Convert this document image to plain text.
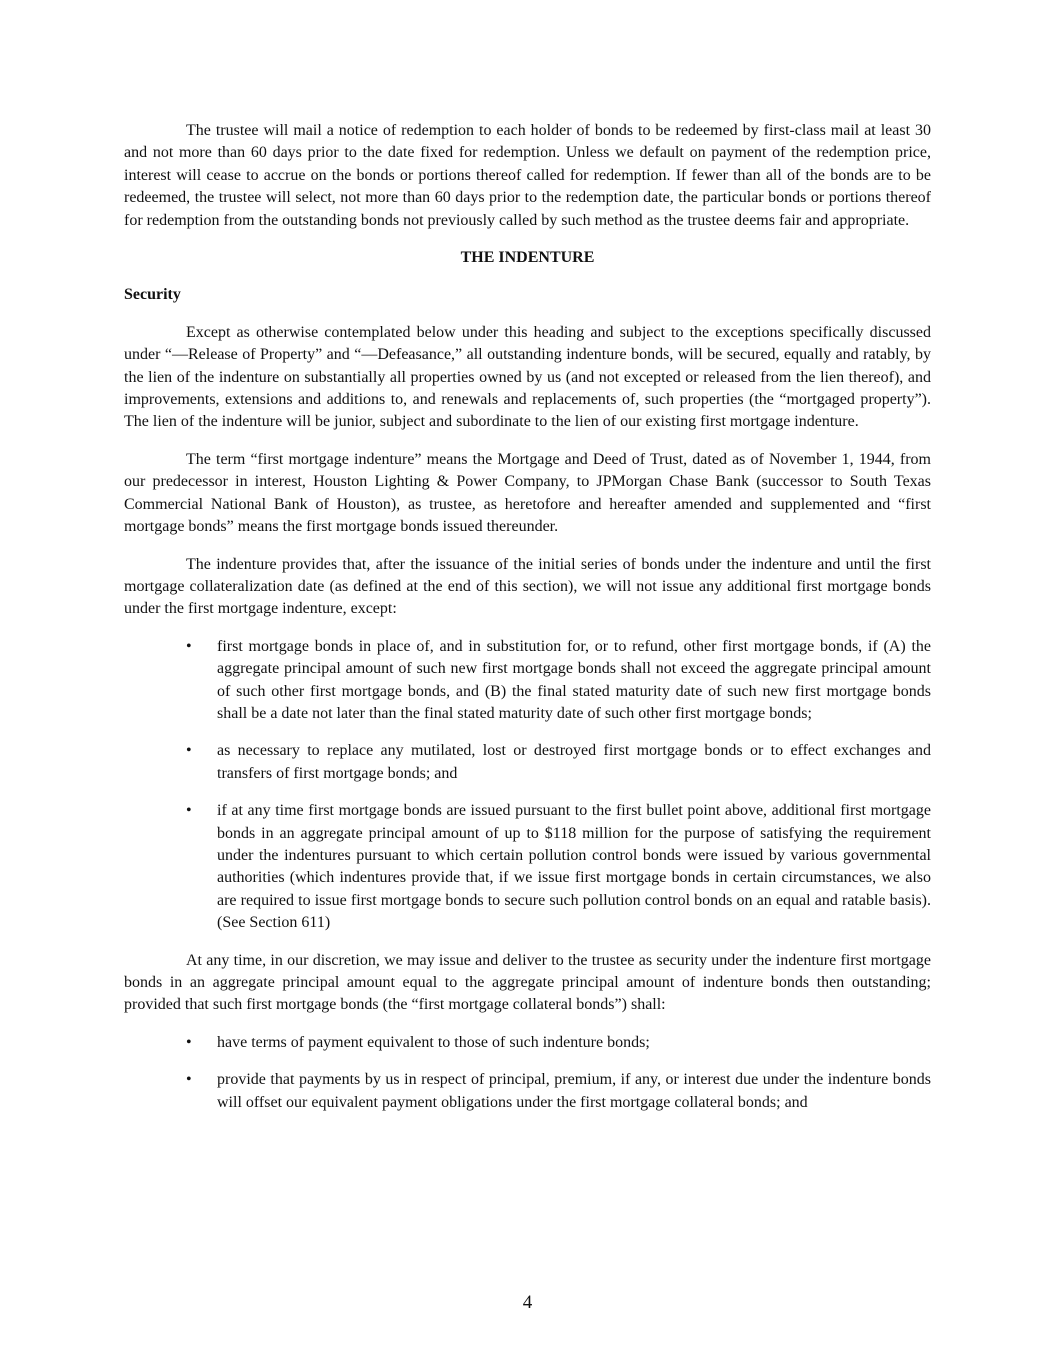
The trustee will mail a notice of redemption to each holder of bonds to be redeemed by first-class mail at least 30 and not more than 60 days prior to the date fixed for redemption. Unless we default on payment of the redemption price, interest will cease to accrue on the bonds or portions thereof called for redemption. If fewer than all of the bonds are to be redeemed, the trustee will select, not more than 60 days prior to the redemption date, the particular bonds or portions thereof for redemption from the outstanding bonds not previously called by such method as the trustee deems fair and appropriate.

THE INDENTURE
Security

Except as otherwise contemplated below under this heading and subject to the exceptions specifically discussed under “—Release of Property” and “—Defeasance,” all outstanding indenture bonds, will be secured, equally and ratably, by the lien of the indenture on substantially all properties owned by us (and not excepted or released from the lien thereof), and improvements, extensions and additions to, and renewals and replacements of, such properties (the “mortgaged property”). The lien of the indenture will be junior, subject and subordinate to the lien of our existing first mortgage indenture.

The term “first mortgage indenture” means the Mortgage and Deed of Trust, dated as of November 1, 1944, from our predecessor in interest, Houston Lighting & Power Company, to JPMorgan Chase Bank (successor to South Texas Commercial National Bank of Houston), as trustee, as heretofore and hereafter amended and supplemented and “first mortgage bonds” means the first mortgage bonds issued thereunder.

The indenture provides that, after the issuance of the initial series of bonds under the indenture and until the first mortgage collateralization date (as defined at the end of this section), we will not issue any additional first mortgage bonds under the first mortgage indenture, except:

• first mortgage bonds in place of, and in substitution for, or to refund, other first mortgage bonds, if (A) the aggregate principal amount of such new first mortgage bonds shall not exceed the aggregate principal amount of such other first mortgage bonds, and (B) the final stated maturity date of such new first mortgage bonds shall be a date not later than the final stated maturity date of such other first mortgage bonds;
• as necessary to replace any mutilated, lost or destroyed first mortgage bonds or to effect exchanges and transfers of first mortgage bonds; and
• if at any time first mortgage bonds are issued pursuant to the first bullet point above, additional first mortgage bonds in an aggregate principal amount of up to $118 million for the purpose of satisfying the requirement under the indentures pursuant to which certain pollution control bonds were issued by various governmental authorities (which indentures provide that, if we issue first mortgage bonds in certain circumstances, we also are required to issue first mortgage bonds to secure such pollution control bonds on an equal and ratable basis). (See Section 611)

At any time, in our discretion, we may issue and deliver to the trustee as security under the indenture first mortgage bonds in an aggregate principal amount equal to the aggregate principal amount of indenture bonds then outstanding; provided that such first mortgage bonds (the “first mortgage collateral bonds”) shall:

• have terms of payment equivalent to those of such indenture bonds;
• provide that payments by us in respect of principal, premium, if any, or interest due under the indenture bonds will offset our equivalent payment obligations under the first mortgage collateral bonds; and
4
